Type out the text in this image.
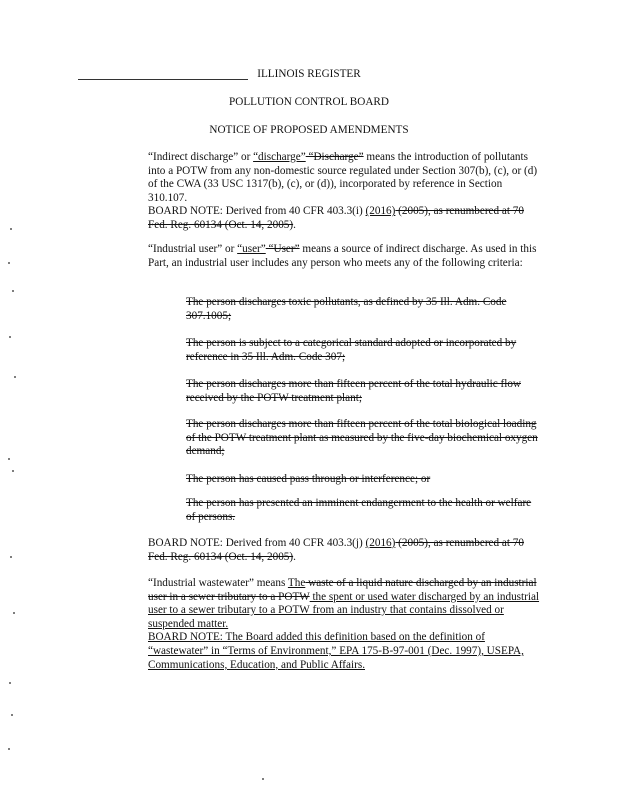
ILLINOIS REGISTER
POLLUTION CONTROL BOARD
NOTICE OF PROPOSED AMENDMENTS

“Indirect discharge” or “discharge” “Discharge” means the introduction of pollutants into a POTW from any non-domestic source regulated under Section 307(b), (c), or (d) of the CWA (33 USC 1317(b), (c), or (d)), incorporated by reference in Section 310.107.

BOARD NOTE: Derived from 40 CFR 403.3(i) (2016) (2005), as renumbered at 70 Fed. Reg. 60134 (Oct. 14, 2005).

“Industrial user” or “user” “User” means a source of indirect discharge. As used in this Part, an industrial user includes any person who meets any of the following criteria:

The person discharges toxic pollutants, as defined by 35 Ill. Adm. Code 307.1005;
The person is subject to a categorical standard adopted or incorporated by reference in 35 Ill. Adm. Code 307;
The person discharges more than fifteen percent of the total hydraulic flow received by the POTW treatment plant;
The person discharges more than fifteen percent of the total biological loading of the POTW treatment plant as measured by the five-day biochemical oxygen demand;
The person has caused pass through or interference; or
The person has presented an imminent endangerment to the health or welfare of persons.

BOARD NOTE: Derived from 40 CFR 403.3(j) (2016) (2005), as renumbered at 70 Fed. Reg. 60134 (Oct. 14, 2005).

“Industrial wastewater” means The waste of a liquid nature discharged by an industrial user in a sewer tributary to a POTW the spent or used water discharged by an industrial user to a sewer tributary to a POTW from an industry that contains dissolved or suspended matter.

BOARD NOTE: The Board added this definition based on the definition of “wastewater” in “Terms of Environment,” EPA 175-B-97-001 (Dec. 1997), USEPA, Communications, Education, and Public Affairs.
